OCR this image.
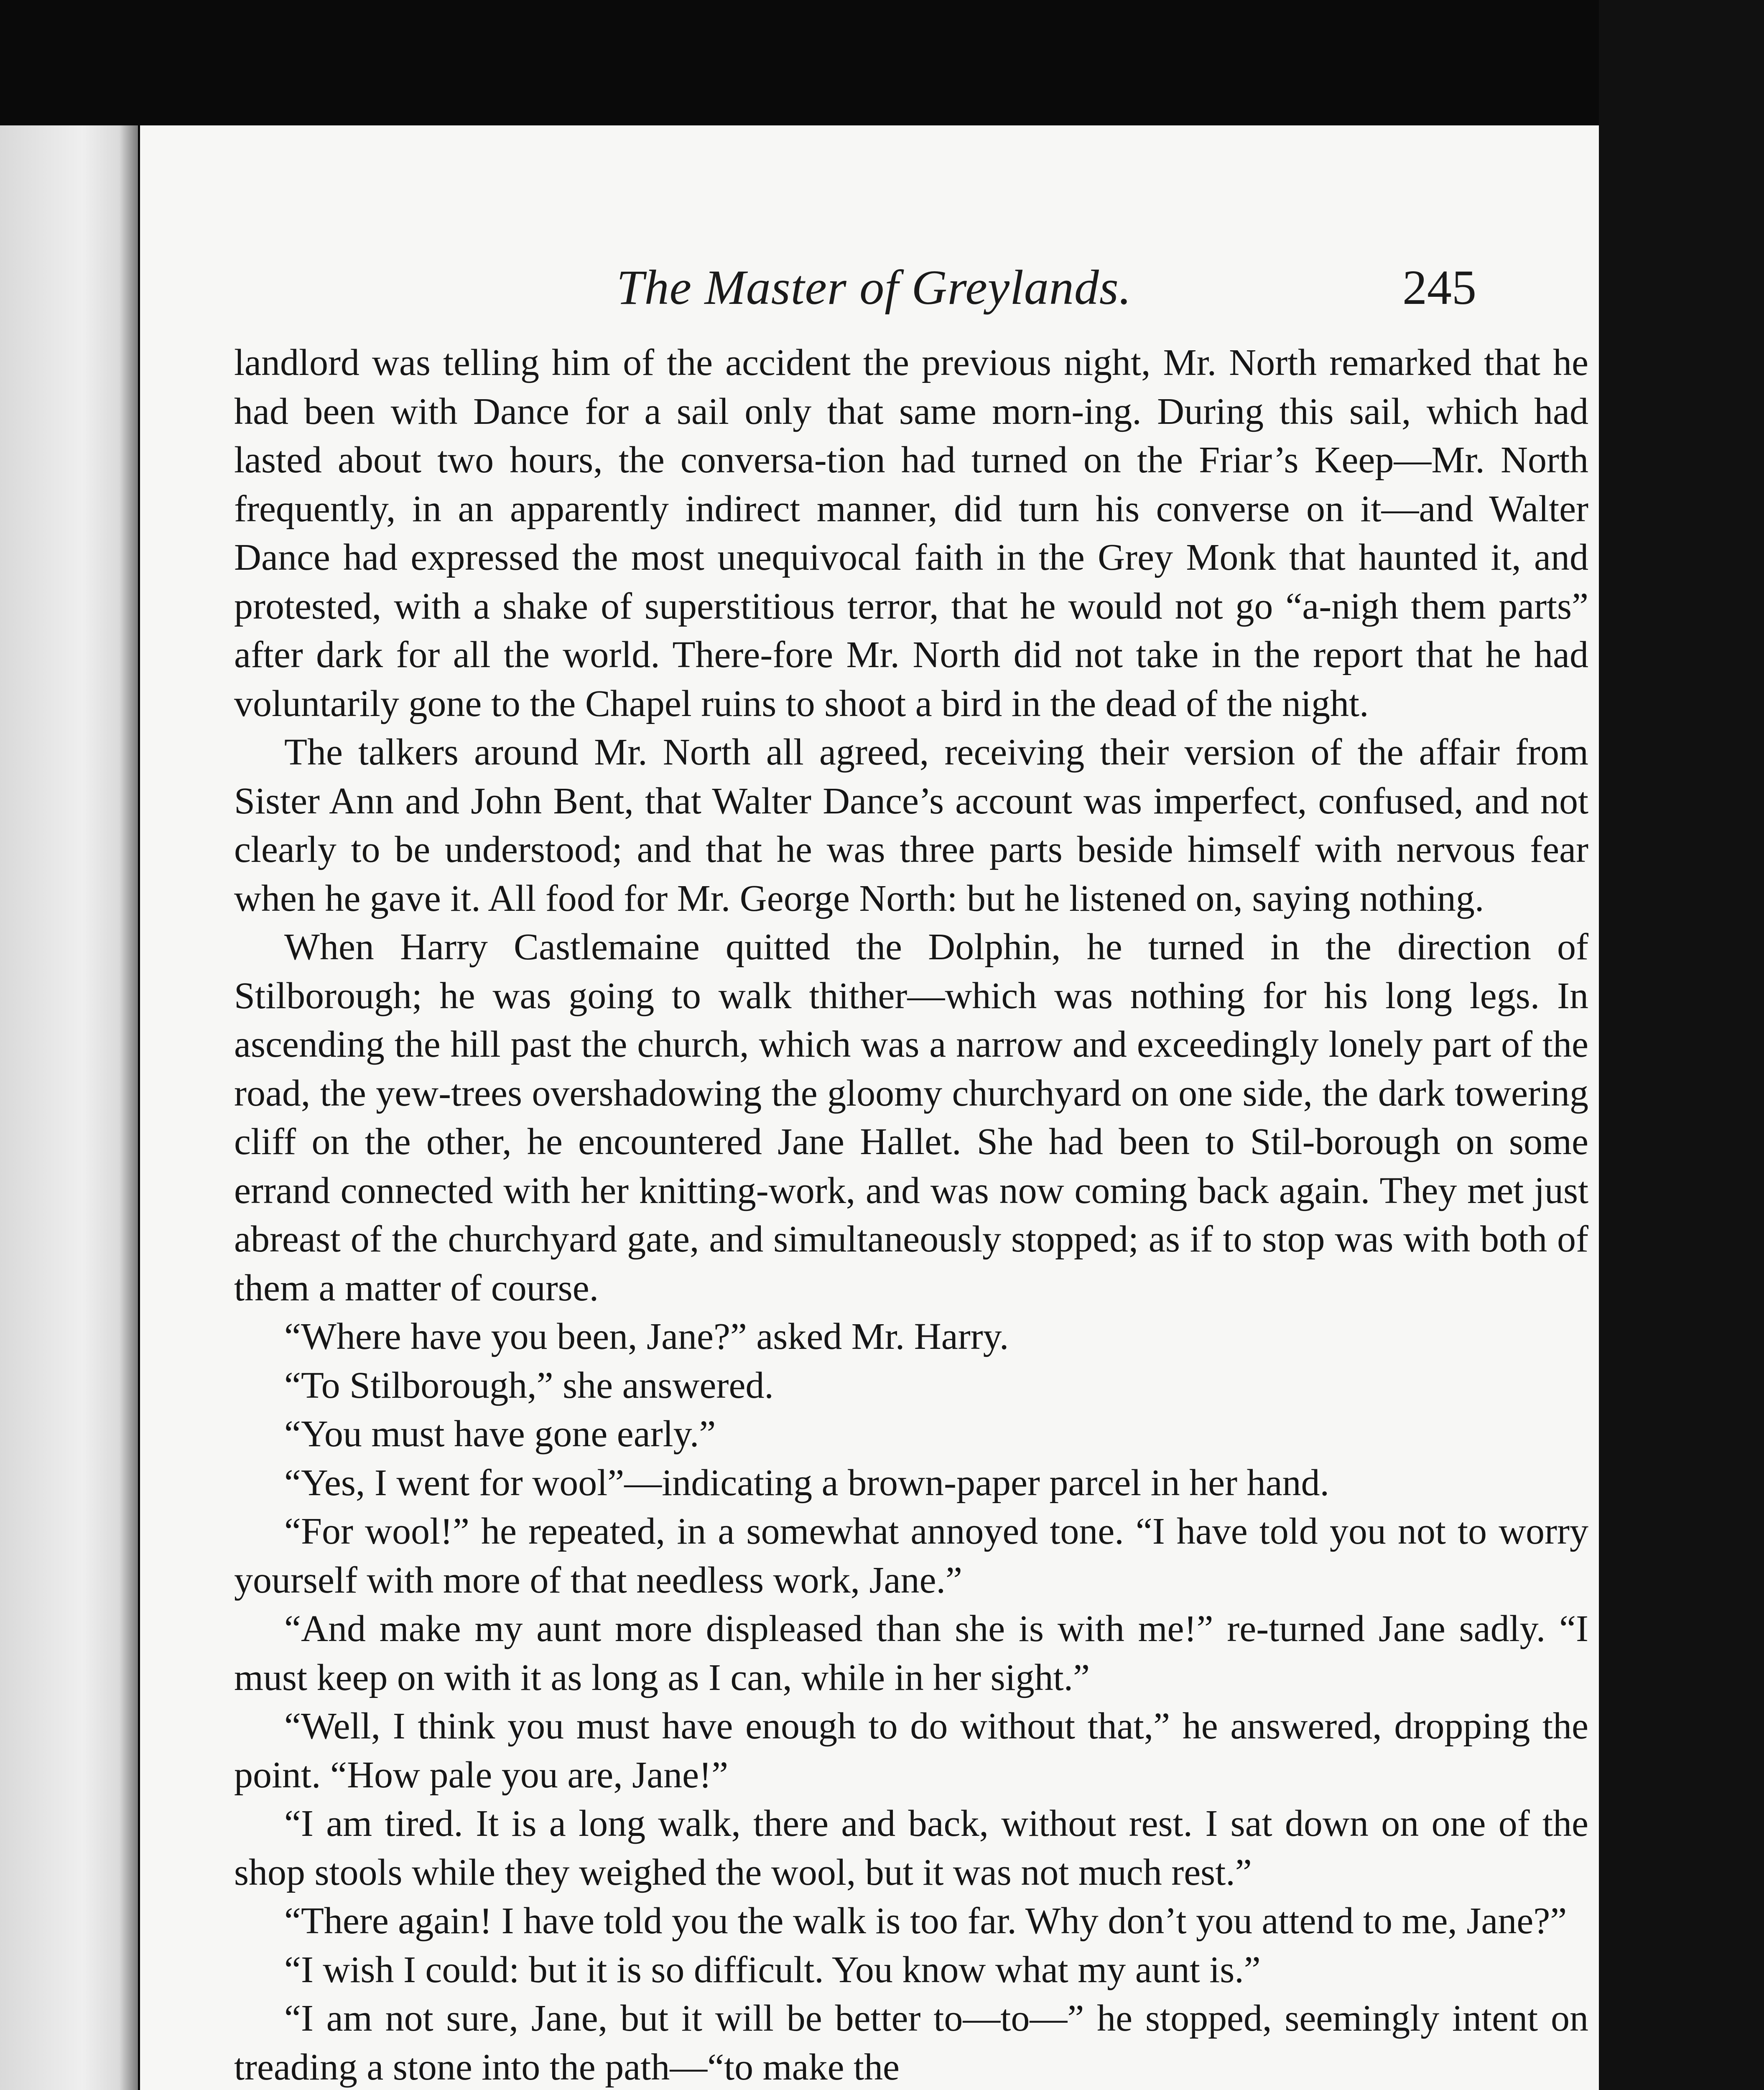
The Master of Greylands.	245

landlord was telling him of the accident the previous night, Mr. North remarked that he had been with Dance for a sail only that same morn-ing. During this sail, which had lasted about two hours, the conversa-tion had turned on the Friar’s Keep—Mr. North frequently, in an apparently indirect manner, did turn his converse on it—and Walter Dance had expressed the most unequivocal faith in the Grey Monk that haunted it, and protested, with a shake of superstitious terror, that he would not go “a-nigh them parts” after dark for all the world. There-fore Mr. North did not take in the report that he had voluntarily gone to the Chapel ruins to shoot a bird in the dead of the night.

The talkers around Mr. North all agreed, receiving their version of the affair from Sister Ann and John Bent, that Walter Dance’s account was imperfect, confused, and not clearly to be understood; and that he was three parts beside himself with nervous fear when he gave it. All food for Mr. George North: but he listened on, saying nothing.

When Harry Castlemaine quitted the Dolphin, he turned in the direction of Stilborough; he was going to walk thither—which was nothing for his long legs. In ascending the hill past the church, which was a narrow and exceedingly lonely part of the road, the yew-trees overshadowing the gloomy churchyard on one side, the dark towering cliff on the other, he encountered Jane Hallet. She had been to Stil-borough on some errand connected with her knitting-work, and was now coming back again. They met just abreast of the churchyard gate, and simultaneously stopped; as if to stop was with both of them a matter of course.

“Where have you been, Jane?” asked Mr. Harry.

“To Stilborough,” she answered.

“You must have gone early.”

“Yes, I went for wool”—indicating a brown-paper parcel in her hand.

“For wool!” he repeated, in a somewhat annoyed tone. “I have told you not to worry yourself with more of that needless work, Jane.”

“And make my aunt more displeased than she is with me!” re-turned Jane sadly. “I must keep on with it as long as I can, while in her sight.”

“Well, I think you must have enough to do without that,” he answered, dropping the point. “How pale you are, Jane!”

“I am tired. It is a long walk, there and back, without rest. I sat down on one of the shop stools while they weighed the wool, but it was not much rest.”

“There again! I have told you the walk is too far. Why don’t you attend to me, Jane?”

“I wish I could: but it is so difficult. You know what my aunt is.”

“I am not sure, Jane, but it will be better to—to—” he stopped, seemingly intent on treading a stone into the path—“to make the
